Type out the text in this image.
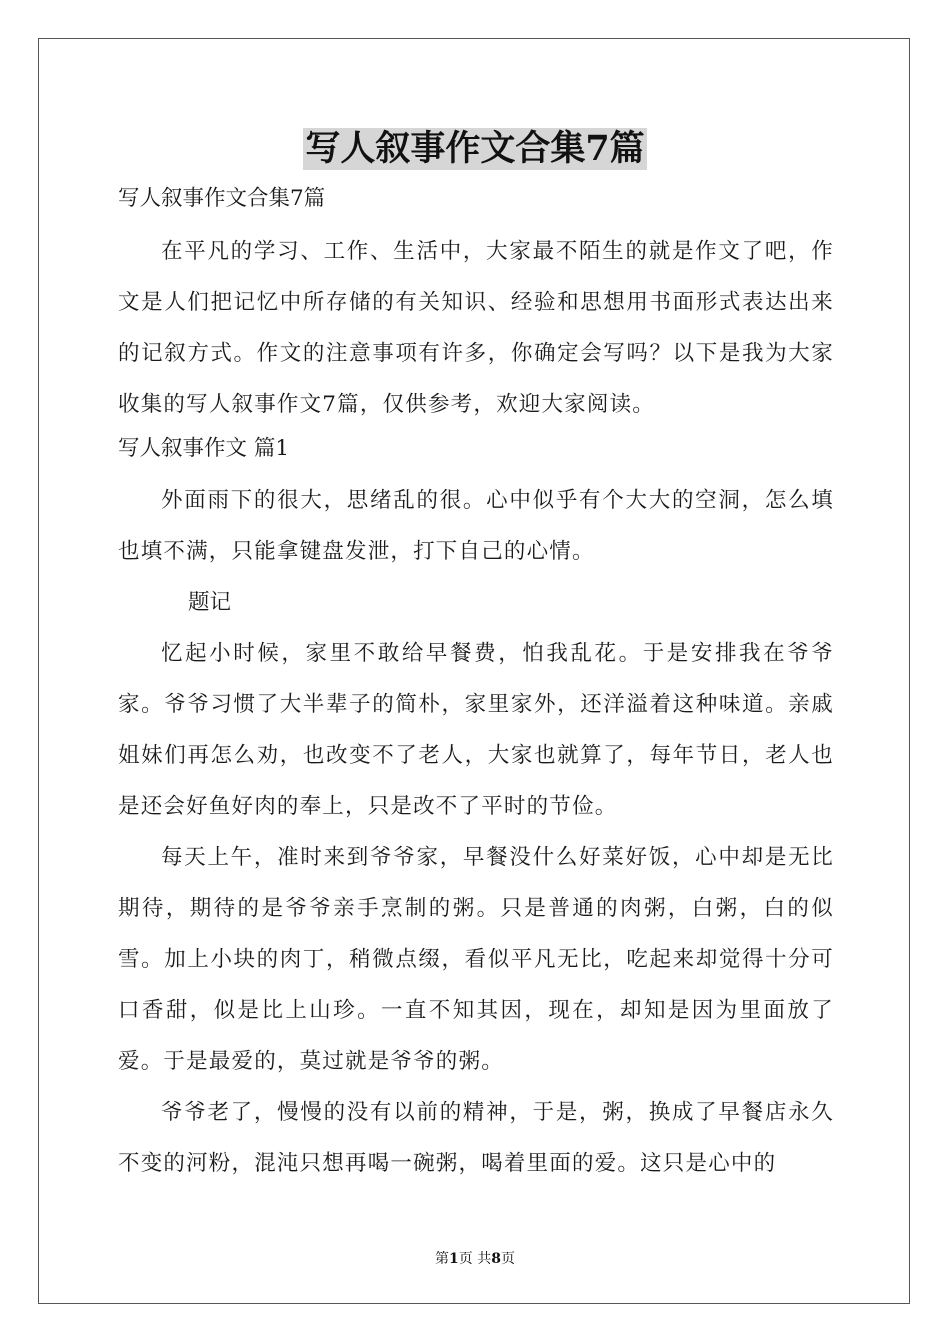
写人叙事作文合集7篇

写人叙事作文合集7篇

在平凡的学习、工作、生活中，大家最不陌生的就是作文了吧，作文是人们把记忆中所存储的有关知识、经验和思想用书面形式表达出来的记叙方式。作文的注意事项有许多，你确定会写吗？以下是我为大家收集的写人叙事作文7篇，仅供参考，欢迎大家阅读。

写人叙事作文 篇1

外面雨下的很大，思绪乱的很。心中似乎有个大大的空洞，怎么填也填不满，只能拿键盘发泄，打下自己的心情。

题记

忆起小时候，家里不敢给早餐费，怕我乱花。于是安排我在爷爷家。爷爷习惯了大半辈子的简朴，家里家外，还洋溢着这种味道。亲戚姐妹们再怎么劝，也改变不了老人，大家也就算了，每年节日，老人也是还会好鱼好肉的奉上，只是改不了平时的节俭。

每天上午，准时来到爷爷家，早餐没什么好菜好饭，心中却是无比期待，期待的是爷爷亲手烹制的粥。只是普通的肉粥，白粥，白的似雪。加上小块的肉丁，稍微点缀，看似平凡无比，吃起来却觉得十分可口香甜，似是比上山珍。一直不知其因，现在，却知是因为里面放了爱。于是最爱的，莫过就是爷爷的粥。

爷爷老了，慢慢的没有以前的精神，于是，粥，换成了早餐店永久不变的河粉，混沌只想再喝一碗粥，喝着里面的爱。这只是心中的

第1页 共8页
